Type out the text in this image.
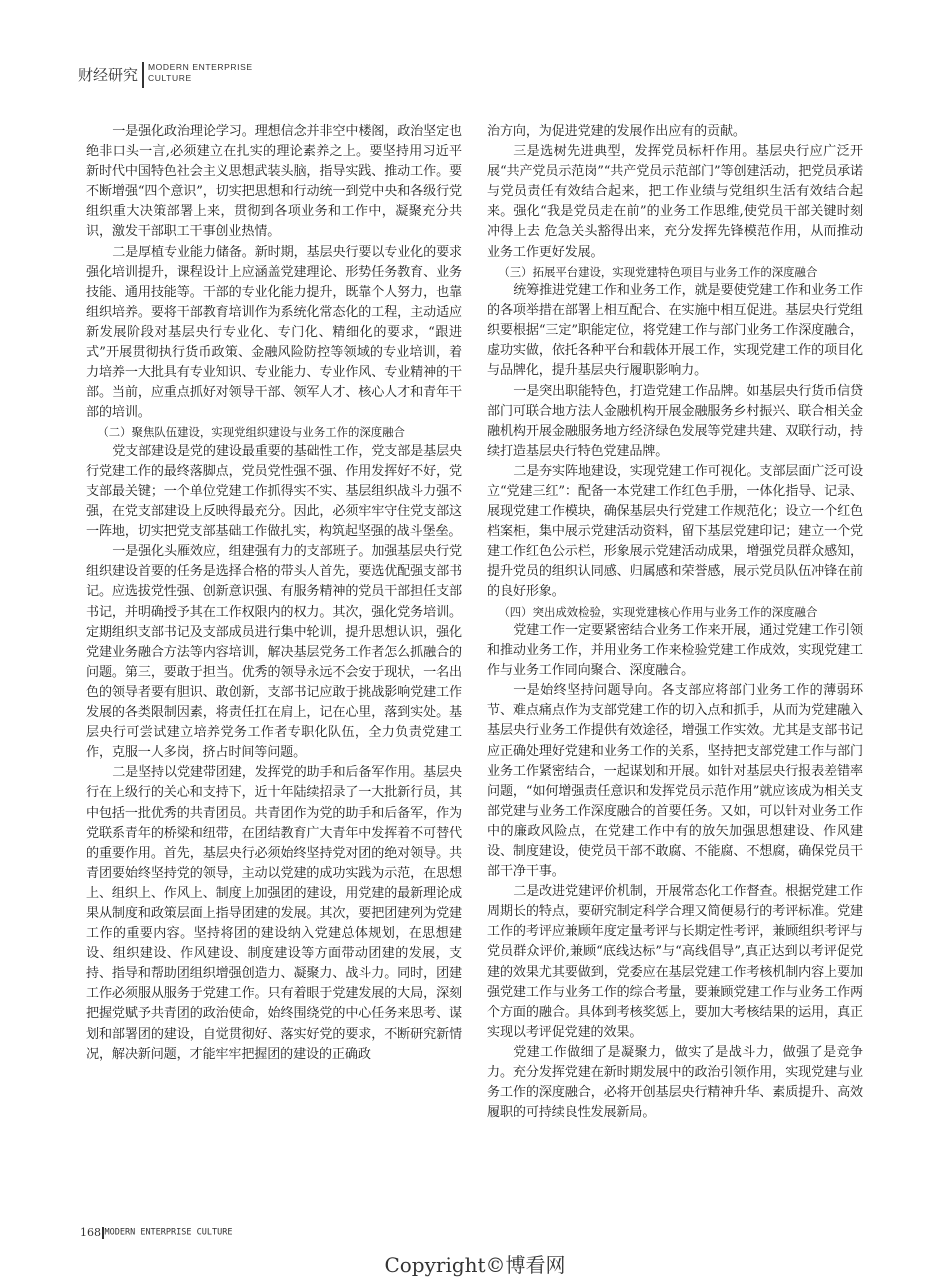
财经研究 MODERN ENTERPRISE
CULTURE

一是强化政治理论学习。理想信念并非空中楼阁，政治坚定也绝非口头一言,必须建立在扎实的理论素养之上。要坚持用习近平新时代中国特色社会主义思想武装头脑，指导实践、推动工作。要不断增强“四个意识”，切实把思想和行动统一到党中央和各级行党组织重大决策部署上来，贯彻到各项业务和工作中，凝聚充分共识，激发干部职工干事创业热情。

二是厚植专业能力储备。新时期，基层央行要以专业化的要求强化培训提升，课程设计上应涵盖党建理论、形势任务教育、业务技能、通用技能等。干部的专业化能力提升，既靠个人努力，也靠组织培养。要将干部教育培训作为系统化常态化的工程，主动适应新发展阶段对基层央行专业化、专门化、精细化的要求，“跟进式”开展贯彻执行货币政策、金融风险防控等领域的专业培训，着力培养一大批具有专业知识、专业能力、专业作风、专业精神的干部。当前，应重点抓好对领导干部、领军人才、核心人才和青年干部的培训。

（二）聚焦队伍建设，实现党组织建设与业务工作的深度融合

党支部建设是党的建设最重要的基础性工作，党支部是基层央行党建工作的最终落脚点，党员党性强不强、作用发挥好不好，党支部最关键；一个单位党建工作抓得实不实、基层组织战斗力强不强，在党支部建设上反映得最充分。因此，必须牢牢守住党支部这一阵地，切实把党支部基础工作做扎实，构筑起坚强的战斗堡垒。

一是强化头雁效应，组建强有力的支部班子。加强基层央行党组织建设首要的任务是选择合格的带头人首先，要选优配强支部书记。应选拔党性强、创新意识强、有服务精神的党员干部担任支部书记，并明确授予其在工作权限内的权力。其次，强化党务培训。定期组织支部书记及支部成员进行集中轮训，提升思想认识，强化党建业务融合方法等内容培训，解决基层党务工作者怎么抓融合的问题。第三，要敢于担当。优秀的领导永远不会安于现状，一名出色的领导者要有胆识、敢创新，支部书记应敢于挑战影响党建工作发展的各类限制因素，将责任扛在肩上，记在心里，落到实处。基层央行可尝试建立培养党务工作者专职化队伍，全力负责党建工作，克服一人多岗，挤占时间等问题。

二是坚持以党建带团建，发挥党的助手和后备军作用。基层央行在上级行的关心和支持下，近十年陆续招录了一大批新行员，其中包括一批优秀的共青团员。共青团作为党的助手和后备军，作为党联系青年的桥梁和纽带，在团结教育广大青年中发挥着不可替代的重要作用。首先，基层央行必须始终坚持党对团的绝对领导。共青团要始终坚持党的领导，主动以党建的成功实践为示范，在思想上、组织上、作风上、制度上加强团的建设，用党建的最新理论成果从制度和政策层面上指导团建的发展。其次，要把团建列为党建工作的重要内容。坚持将团的建设纳入党建总体规划，在思想建设、组织建设、作风建设、制度建设等方面带动团建的发展，支持、指导和帮助团组织增强创造力、凝聚力、战斗力。同时，团建工作必须服从服务于党建工作。只有着眼于党建发展的大局，深刻把握党赋予共青团的政治使命，始终围绕党的中心任务来思考、谋划和部署团的建设，自觉贯彻好、落实好党的要求，不断研究新情况，解决新问题，才能牢牢把握团的建设的正确政

治方向，为促进党建的发展作出应有的贡献。

三是选树先进典型，发挥党员标杆作用。基层央行应广泛开展“共产党员示范岗”“共产党员示范部门”等创建活动，把党员承诺与党员责任有效结合起来，把工作业绩与党组织生活有效结合起来。强化“我是党员走在前”的业务工作思维,使党员干部关键时刻冲得上去 危急关头豁得出来，充分发挥先锋模范作用，从而推动业务工作更好发展。

（三）拓展平台建设，实现党建特色项目与业务工作的深度融合

统筹推进党建工作和业务工作，就是要使党建工作和业务工作的各项举措在部署上相互配合、在实施中相互促进。基层央行党组织要根据“三定”职能定位，将党建工作与部门业务工作深度融合，虚功实做，依托各种平台和载体开展工作，实现党建工作的项目化与品牌化，提升基层央行履职影响力。

一是突出职能特色，打造党建工作品牌。如基层央行货币信贷部门可联合地方法人金融机构开展金融服务乡村振兴、联合相关金融机构开展金融服务地方经济绿色发展等党建共建、双联行动，持续打造基层央行特色党建品牌。

二是夯实阵地建设，实现党建工作可视化。支部层面广泛可设立“党建三红”：配备一本党建工作红色手册，一体化指导、记录、展现党建工作模块，确保基层央行党建工作规范化；设立一个红色档案柜，集中展示党建活动资料，留下基层党建印记；建立一个党建工作红色公示栏，形象展示党建活动成果，增强党员群众感知，提升党员的组织认同感、归属感和荣誉感，展示党员队伍冲锋在前的良好形象。

（四）突出成效检验，实现党建核心作用与业务工作的深度融合

党建工作一定要紧密结合业务工作来开展，通过党建工作引领和推动业务工作，并用业务工作来检验党建工作成效，实现党建工作与业务工作同向聚合、深度融合。

一是始终坚持问题导向。各支部应将部门业务工作的薄弱环节、难点痛点作为支部党建工作的切入点和抓手，从而为党建融入基层央行业务工作提供有效途径，增强工作实效。尤其是支部书记应正确处理好党建和业务工作的关系，坚持把支部党建工作与部门业务工作紧密结合，一起谋划和开展。如针对基层央行报表差错率问题，“如何增强责任意识和发挥党员示范作用”就应该成为相关支部党建与业务工作深度融合的首要任务。又如，可以针对业务工作中的廉政风险点，在党建工作中有的放矢加强思想建设、作风建设、制度建设，使党员干部不敢腐、不能腐、不想腐，确保党员干部干净干事。

二是改进党建评价机制，开展常态化工作督查。根据党建工作周期长的特点，要研究制定科学合理又简便易行的考评标准。党建工作的考评应兼顾年度定量考评与长期定性考评，兼顾组织考评与党员群众评价,兼顾“底线达标”与“高线倡导”,真正达到以考评促党建的效果尤其要做到，党委应在基层党建工作考核机制内容上要加强党建工作与业务工作的综合考量，要兼顾党建工作与业务工作两个方面的融合。具体到考核奖惩上，要加大考核结果的运用，真正实现以考评促党建的效果。

党建工作做细了是凝聚力，做实了是战斗力，做强了是竞争力。充分发挥党建在新时期发展中的政治引领作用，实现党建与业务工作的深度融合，必将开创基层央行精神升华、素质提升、高效履职的可持续良性发展新局。

168 MODERN ENTERPRISE CULTURE
Copyright©博看网
